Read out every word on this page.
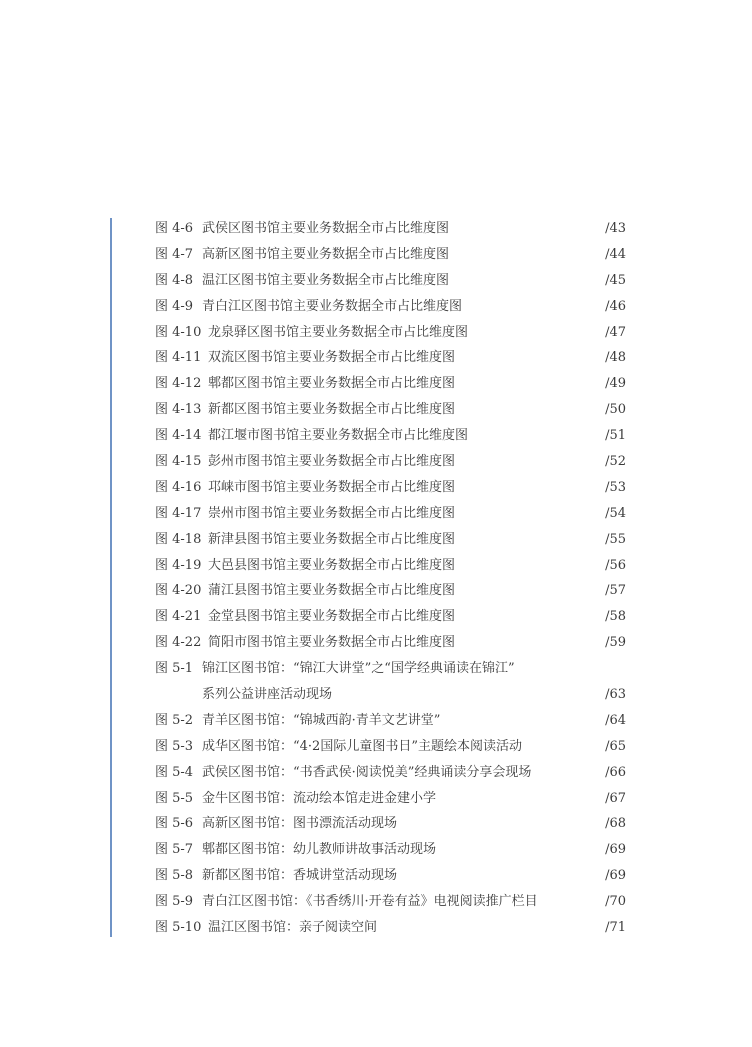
图 4-6 武侯区图书馆主要业务数据全市占比维度图	/43
图 4-7 高新区图书馆主要业务数据全市占比维度图	/44
图 4-8 温江区图书馆主要业务数据全市占比维度图	/45
图 4-9 青白江区图书馆主要业务数据全市占比维度图	/46
图 4-10 龙泉驿区图书馆主要业务数据全市占比维度图	/47
图 4-11 双流区图书馆主要业务数据全市占比维度图	/48
图 4-12 郫都区图书馆主要业务数据全市占比维度图	/49
图 4-13 新都区图书馆主要业务数据全市占比维度图	/50
图 4-14 都江堰市图书馆主要业务数据全市占比维度图	/51
图 4-15 彭州市图书馆主要业务数据全市占比维度图	/52
图 4-16 邛崃市图书馆主要业务数据全市占比维度图	/53
图 4-17 崇州市图书馆主要业务数据全市占比维度图	/54
图 4-18 新津县图书馆主要业务数据全市占比维度图	/55
图 4-19 大邑县图书馆主要业务数据全市占比维度图	/56
图 4-20 蒲江县图书馆主要业务数据全市占比维度图	/57
图 4-21 金堂县图书馆主要业务数据全市占比维度图	/58
图 4-22 简阳市图书馆主要业务数据全市占比维度图	/59
图 5-1 锦江区图书馆：“锦江大讲堂”之“国学经典诵读在锦江”
系列公益讲座活动现场	/63
图 5-2 青羊区图书馆：“锦城西韵·青羊文艺讲堂”	/64
图 5-3 成华区图书馆：“4·2国际儿童图书日”主题绘本阅读活动	/65
图 5-4 武侯区图书馆：“书香武侯·阅读悦美”经典诵读分享会现场	/66
图 5-5 金牛区图书馆：流动绘本馆走进金建小学	/67
图 5-6 高新区图书馆：图书漂流活动现场	/68
图 5-7 郫都区图书馆：幼儿教师讲故事活动现场	/69
图 5-8 新都区图书馆：香城讲堂活动现场	/69
图 5-9 青白江区图书馆：《书香绣川·开卷有益》电视阅读推广栏目	/70
图 5-10 温江区图书馆：亲子阅读空间	/71
